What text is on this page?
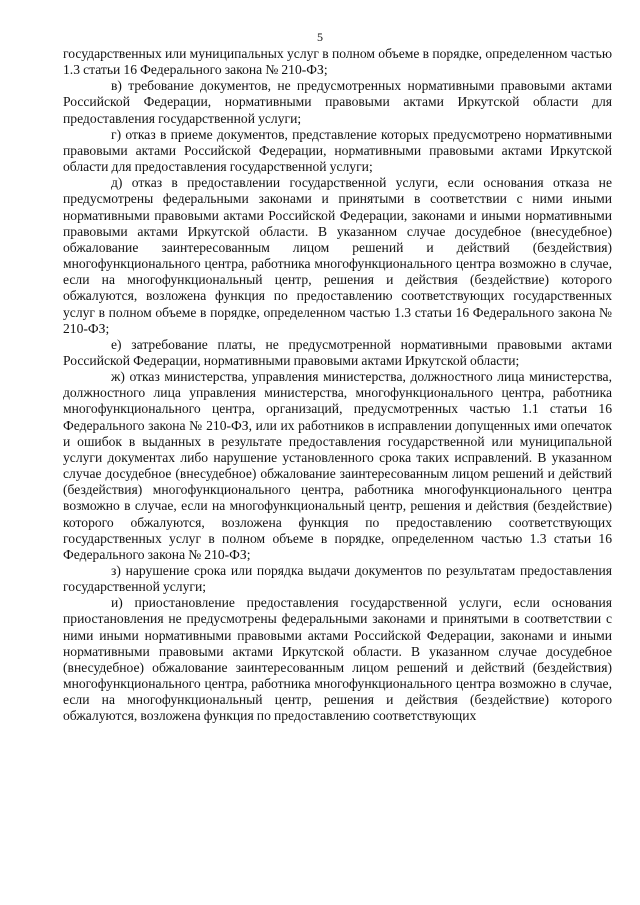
5

государственных или муниципальных услуг в полном объеме в порядке, определенном частью 1.3 статьи 16 Федерального закона № 210-ФЗ;

в) требование документов, не предусмотренных нормативными правовыми актами Российской Федерации, нормативными правовыми актами Иркутской области для предоставления государственной услуги;

г) отказ в приеме документов, представление которых предусмотрено нормативными правовыми актами Российской Федерации, нормативными правовыми актами Иркутской области для предоставления государственной услуги;

д) отказ в предоставлении государственной услуги, если основания отказа не предусмотрены федеральными законами и принятыми в соответствии с ними иными нормативными правовыми актами Российской Федерации, законами и иными нормативными правовыми актами Иркутской области. В указанном случае досудебное (внесудебное) обжалование заинтересованным лицом решений и действий (бездействия) многофункционального центра, работника многофункционального центра возможно в случае, если на многофункциональный центр, решения и действия (бездействие) которого обжалуются, возложена функция по предоставлению соответствующих государственных услуг в полном объеме в порядке, определенном частью 1.3 статьи 16 Федерального закона № 210-ФЗ;

е) затребование платы, не предусмотренной нормативными правовыми актами Российской Федерации, нормативными правовыми актами Иркутской области;

ж) отказ министерства, управления министерства, должностного лица министерства, должностного лица управления министерства, многофункционального центра, работника многофункционального центра, организаций, предусмотренных частью 1.1 статьи 16 Федерального закона № 210-ФЗ, или их работников в исправлении допущенных ими опечаток и ошибок в выданных в результате предоставления государственной или муниципальной услуги документах либо нарушение установленного срока таких исправлений. В указанном случае досудебное (внесудебное) обжалование заинтересованным лицом решений и действий (бездействия) многофункционального центра, работника многофункционального центра возможно в случае, если на многофункциональный центр, решения и действия (бездействие) которого обжалуются, возложена функция по предоставлению соответствующих государственных услуг в полном объеме в порядке, определенном частью 1.3 статьи 16 Федерального закона № 210-ФЗ;

з) нарушение срока или порядка выдачи документов по результатам предоставления государственной услуги;

и) приостановление предоставления государственной услуги, если основания приостановления не предусмотрены федеральными законами и принятыми в соответствии с ними иными нормативными правовыми актами Российской Федерации, законами и иными нормативными правовыми актами Иркутской области. В указанном случае досудебное (внесудебное) обжалование заинтересованным лицом решений и действий (бездействия) многофункционального центра, работника многофункционального центра возможно в случае, если на многофункциональный центр, решения и действия (бездействие) которого обжалуются, возложена функция по предоставлению соответствующих
